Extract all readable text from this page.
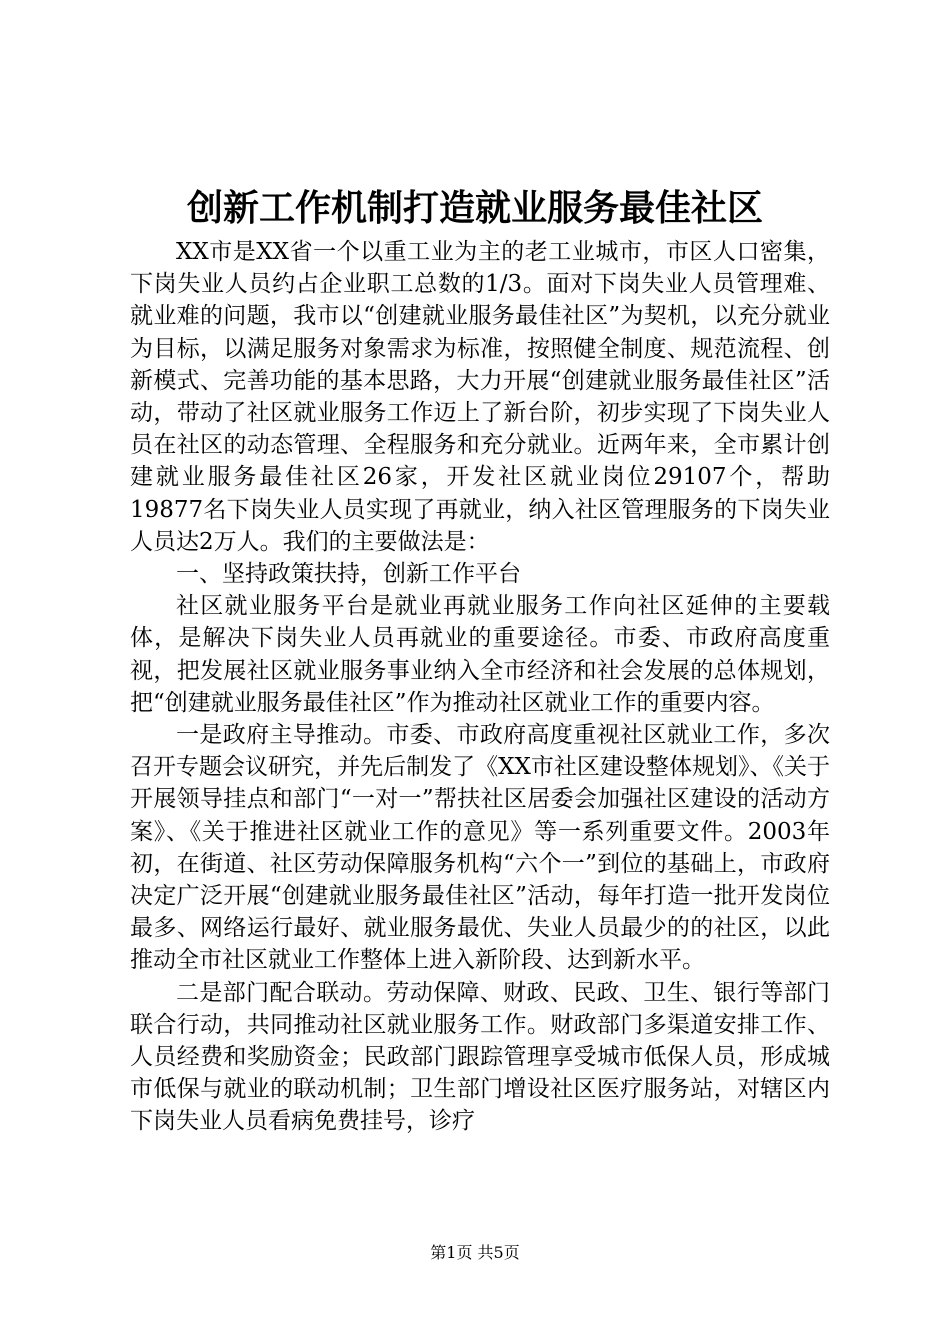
创新工作机制打造就业服务最佳社区

XX市是XX省一个以重工业为主的老工业城市，市区人口密集，下岗失业人员约占企业职工总数的1/3。面对下岗失业人员管理难、就业难的问题，我市以“创建就业服务最佳社区”为契机，以充分就业为目标，以满足服务对象需求为标准，按照健全制度、规范流程、创新模式、完善功能的基本思路，大力开展“创建就业服务最佳社区”活动，带动了社区就业服务工作迈上了新台阶，初步实现了下岗失业人员在社区的动态管理、全程服务和充分就业。近两年来，全市累计创建就业服务最佳社区26家，开发社区就业岗位29107个，帮助19877名下岗失业人员实现了再就业，纳入社区管理服务的下岗失业人员达2万人。我们的主要做法是：

一、坚持政策扶持，创新工作平台

社区就业服务平台是就业再就业服务工作向社区延伸的主要载体，是解决下岗失业人员再就业的重要途径。市委、市政府高度重视，把发展社区就业服务事业纳入全市经济和社会发展的总体规划，把“创建就业服务最佳社区”作为推动社区就业工作的重要内容。

一是政府主导推动。市委、市政府高度重视社区就业工作，多次召开专题会议研究，并先后制发了《XX市社区建设整体规划》、《关于开展领导挂点和部门“一对一”帮扶社区居委会加强社区建设的活动方案》、《关于推进社区就业工作的意见》等一系列重要文件。2003年初，在街道、社区劳动保障服务机构“六个一”到位的基础上，市政府决定广泛开展“创建就业服务最佳社区”活动，每年打造一批开发岗位最多、网络运行最好、就业服务最优、失业人员最少的的社区，以此推动全市社区就业工作整体上进入新阶段、达到新水平。

二是部门配合联动。劳动保障、财政、民政、卫生、银行等部门联合行动，共同推动社区就业服务工作。财政部门多渠道安排工作、人员经费和奖励资金；民政部门跟踪管理享受城市低保人员，形成城市低保与就业的联动机制；卫生部门增设社区医疗服务站，对辖区内下岗失业人员看病免费挂号，诊疗

第1页 共5页
